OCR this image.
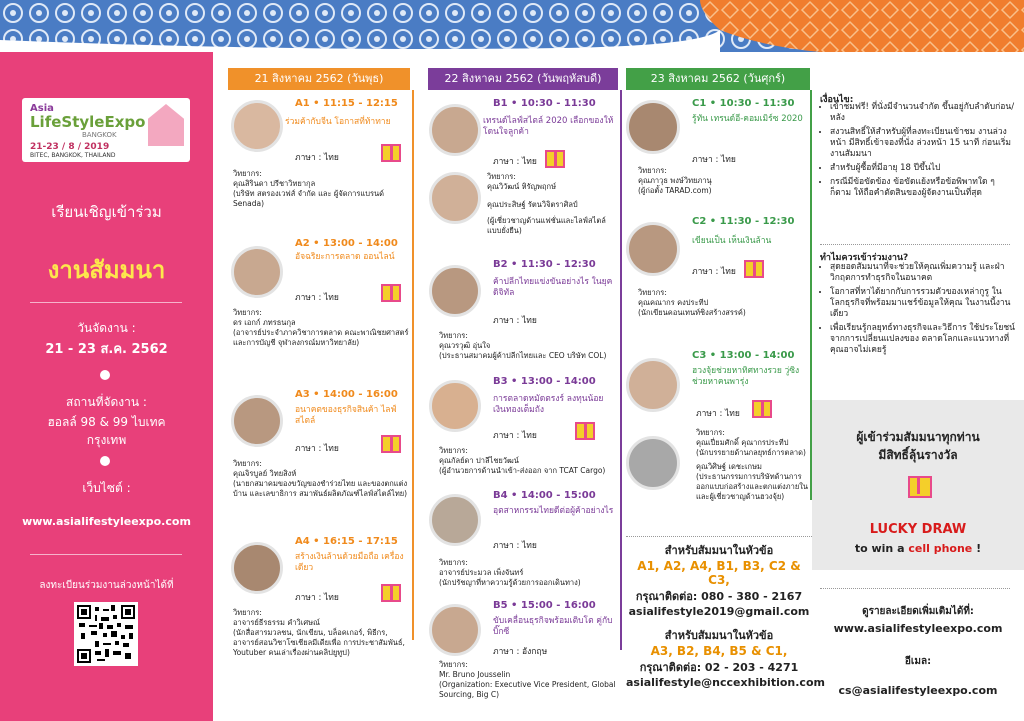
Asia
LifeStyleExpo
BANGKOK
21-23 / 8 / 2019
BITEC, BANGKOK, THAILAND
เรียนเชิญเข้าร่วม
งานสัมมนา
วันจัดงาน :
21 - 23 ส.ค. 2562
สถานที่จัดงาน :
ฮอลล์ 98 & 99 ไบเทค
กรุงเทพ
เว็บไซต์ :
www.asialifestyleexpo.com
ลงทะเบียนร่วมงานล่วงหน้าได้ที่
21 สิงหาคม 2562 (วันพุธ)	22 สิงหาคม 2562 (วันพฤหัสบดี)	23 สิงหาคม 2562 (วันศุกร์)
A1 • 11:15 - 12:15
ร่วมค้ากับจีน โอกาสที่ท้าทาย
ภาษา : ไทย
วิทยากร:
คุณสิรินดา ปรีชาวิทยากุล
(บริษัท สตรองเวฟส์ จำกัด และ ผู้จัดการแบรนด์ Senada)
A2 • 13:00 - 14:00
อัจฉริยะการตลาด ออนไลน์
ภาษา : ไทย
วิทยากร:
ดร เอกก์ ภทรธนกุล
(อาจารย์ประจำภาควิชาการตลาด คณะพาณิชยศาสตร์และการบัญชี จุฬาลงกรณ์มหาวิทยาลัย)
A3 • 14:00 - 16:00
อนาคตของธุรกิจสินค้า ไลฟ์สไตล์
ภาษา : ไทย
วิทยากร:
คุณจิรบูลย์ วิทยสิงห์
(นายกสมาคมของขวัญของชำร่วยไทย และของตกแต่งบ้าน และเลขาธิการ สมาพันธ์ผลิตภัณฑ์ไลฟ์สไตล์ไทย)
A4 • 16:15 - 17:15
สร้างเงินล้านด้วยมือถือ เครื่องเดียว
ภาษา : ไทย
วิทยากร:
อาจารย์ธีรธรรม คำวิเศษณ์
(นักสื่อสารมวลชน, นักเขียน, บล็อคเกอร์, พิธีกร, อาจารย์สอนวิชาโซเชียลมีเดียเพื่อ การประชาสัมพันธ์, Youtuber คนเล่าเรื่องผ่านคลิปยูทูป)
B1 • 10:30 - 11:30
เทรนด์ไลฟ์สไตล์ 2020 เลือกของให้โดนใจลูกค้า
ภาษา : ไทย
วิทยากร:
คุณวิวัฒน์ หิรัญพฤกษ์
คุณประสิษฐ์ รัตนวิจิตราศิลป์
(ผู้เชี่ยวชาญด้านแฟชั่นและไลฟ์สไตล์แบบยั่งยืน)
B2 • 11:30 - 12:30
ค้าปลีกไทยแข่งขันอย่างไร ในยุคดิจิทัล
ภาษา : ไทย
วิทยากร:
คุณวรวุฒิ อุ่นใจ
(ประธานสมาคมผู้ค้าปลีกไทยและ CEO บริษัท COL)
B3 • 13:00 - 14:00
การตลาดหมัดตรงร์ ลงทุนน้อย เงินทองเต็มถัง
ภาษา : ไทย
วิทยากร:
คุณกัลย์ดา ปาลีไชยวัฒน์
(ผู้อำนวยการด้านนำเข้า-ส่งออก จาก TCAT Cargo)
B4 • 14:00 - 15:00
อุตสาหกรรมไทยดีต่อผู้ค้าอย่างไร
ภาษา : ไทย
วิทยากร:
อาจารย์ประมวล เพ็งจันทร์
(นักปรัชญาที่หาความรู้ด้วยการออกเดินทาง)
B5 • 15:00 - 16:00
ขับเคลื่อนธุรกิจพร้อมเติบโต คู่กับบิ๊กซี
ภาษา : อังกฤษ
วิทยากร:
Mr. Bruno Jousselin
(Organization: Executive Vice President, Global Sourcing, Big C)
C1 • 10:30 - 11:30
รู้ทัน เทรนด์อี-คอมเมิร์ซ 2020
ภาษา : ไทย
วิทยากร:
คุณภาวุธ พงษ์วิทยภานุ
(ผู้ก่อตั้ง TARAD.com)
C2 • 11:30 - 12:30
เขียนเป็น เห็นเงินล้าน
ภาษา : ไทย
วิทยากร:
คุณคณากร คงประทีป
(นักเขียนคอนเทนท์ชิงสร้างสรรค์)
C3 • 13:00 - 14:00
ฮวงจุ้ยช่วยหาทิศทางรวย วู่ซิง ช่วยหาคนพารุ่ง
ภาษา : ไทย
วิทยากร:
คุณเปี่ยมศักดิ์ คุณากรประทีป
(นักบรรยายด้านกลยุทธ์การตลาด)
คุณวิศิษฐ์ เดชะเกษม
(ประธานกรรมการบริษัทด้านการ ออกแบบก่อสร้างและตกแต่งภายใน และผู้เชี่ยวชาญด้านฮวงจุ้ย)
สำหรับสัมมนาในหัวข้อ
A1, A2, A4, B1, B3, C2 & C3,
กรุณาติดต่อ: 080 - 380 - 2167
asialifestyle2019@gmail.com
สำหรับสัมมนาในหัวข้อ
A3, B2, B4, B5 & C1,
กรุณาติดต่อ: 02 - 203 - 4271
asialifestyle@nccexhibition.com
เงื่อนไข:
• เข้าชมฟรี! ที่นั่งมีจำนวนจำกัด ขึ้นอยู่กับลำดับก่อน/หลัง
• สงวนสิทธิ์ให้สำหรับผู้ที่ลงทะเบียนเข้าชม งานล่วงหน้า มีสิทธิ์เข้าจองที่นั่ง ล่วงหน้า 15 นาที ก่อนเริ่มงานสัมมนา
• สำหรับผู้ซื้อที่มีอายุ 18 ปีขึ้นไป
• กรณีมีข้อขัดข้อง ข้อขัดแย้งหรือข้อพิพาทใด ๆ ก็ตาม ให้ถือคำตัดสินของผู้จัดงานเป็นที่สุด
ทำไมควรเข้าร่วมงาน?
• สุดยอดสัมมนาที่จะช่วยให้คุณเพิ่มความรู้ และฝ่าวิกฤตการทำธุรกิจในอนาคต
• โอกาสที่หาได้ยากกับการรวมตัวของเหล่ากูรู ในโลกธุรกิจที่พร้อมมาแชร์ข้อมูลให้คุณ ในงานนี้งานเดียว
• เพื่อเรียนรู้กลยุทธ์ทางธุรกิจและวิธีการ ใช้ประโยชน์จากการเปลี่ยนแปลงของ ตลาดโลกและแนวทางที่คุณอาจไม่เคยรู้
ผู้เข้าร่วมสัมมนาทุกท่าน
มีสิทธิ์ลุ้นรางวัล
LUCKY DRAW
to win a cell phone !
ดูรายละเอียดเพิ่มเติมได้ที่:
www.asialifestyleexpo.com
อีเมล:
cs@asialifestyleexpo.com
